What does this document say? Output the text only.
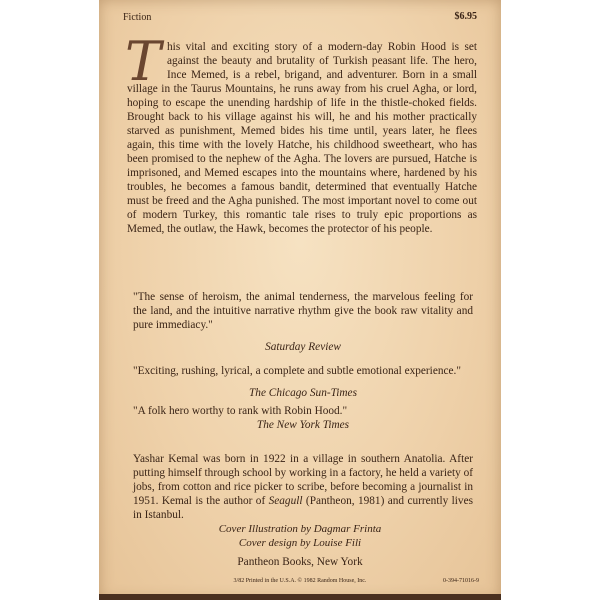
Fiction	$6.95

This vital and exciting story of a modern-day Robin Hood is set against the beauty and brutality of Turkish peasant life. The hero, Ince Memed, is a rebel, brigand, and adventurer. Born in a small village in the Taurus Mountains, he runs away from his cruel Agha, or lord, hoping to escape the unending hardship of life in the thistle-choked fields. Brought back to his village against his will, he and his mother practically starved as punishment, Memed bides his time until, years later, he flees again, this time with the lovely Hatche, his childhood sweetheart, who has been promised to the nephew of the Agha. The lovers are pursued, Hatche is imprisoned, and Memed escapes into the mountains where, hardened by his troubles, he becomes a famous bandit, determined that eventually Hatche must be freed and the Agha punished. The most important novel to come out of modern Turkey, this romantic tale rises to truly epic proportions as Memed, the outlaw, the Hawk, becomes the protector of his people.

"The sense of heroism, the animal tenderness, the marvelous feeling for the land, and the intuitive narrative rhythm give the book raw vitality and pure immediacy."

Saturday Review

"Exciting, rushing, lyrical, a complete and subtle emotional experience."

The Chicago Sun-Times

"A folk hero worthy to rank with Robin Hood."

The New York Times

Yashar Kemal was born in 1922 in a village in southern Anatolia. After putting himself through school by working in a factory, he held a variety of jobs, from cotton and rice picker to scribe, before becoming a journalist in 1951. Kemal is the author of Seagull (Pantheon, 1981) and currently lives in Istanbul.

Cover Illustration by Dagmar Frinta

Cover design by Louise Fili

Pantheon Books, New York
3/82 Printed in the U.S.A. © 1982 Random House, Inc.	0-394-71016-9
